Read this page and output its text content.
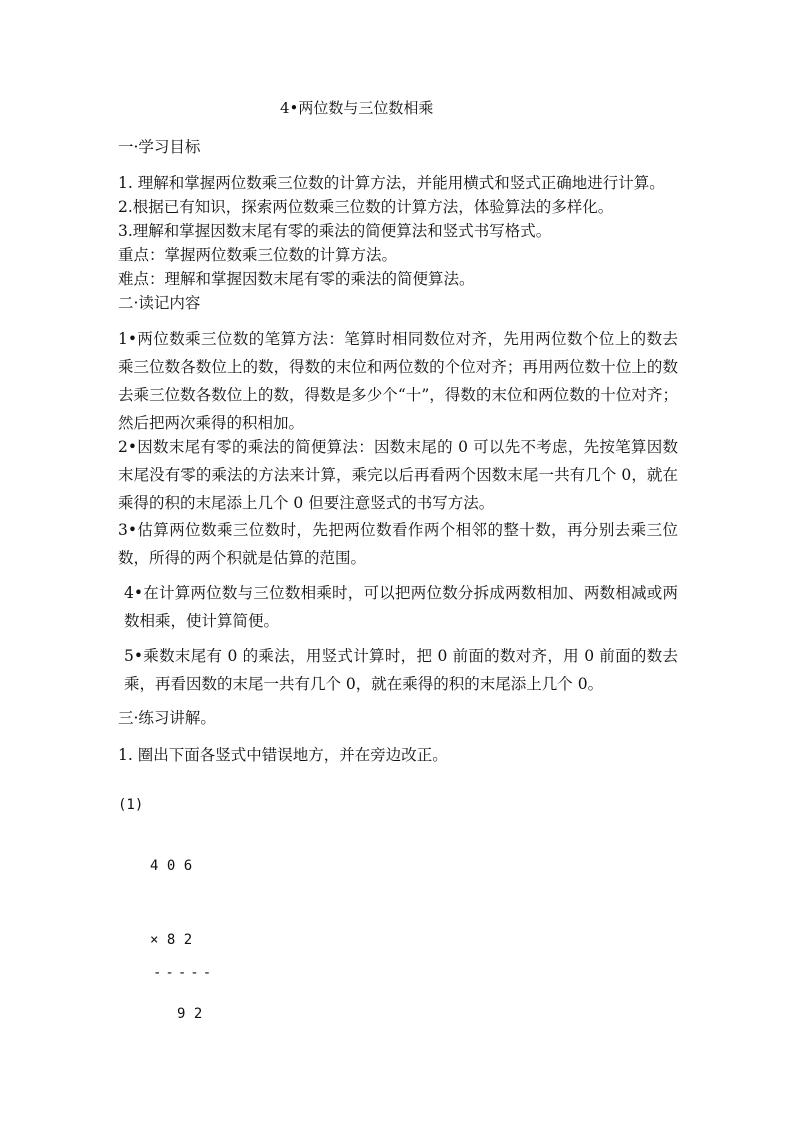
4•两位数与三位数相乘
一·学习目标
1. 理解和掌握两位数乘三位数的计算方法，并能用横式和竖式正确地进行计算。
2.根据已有知识，探索两位数乘三位数的计算方法，体验算法的多样化。
3.理解和掌握因数末尾有零的乘法的简便算法和竖式书写格式。
重点：掌握两位数乘三位数的计算方法。
难点：理解和掌握因数末尾有零的乘法的简便算法。
二·读记内容
1•两位数乘三位数的笔算方法：笔算时相同数位对齐，先用两位数个位上的数去乘三位数各数位上的数，得数的末位和两位数的个位对齐；再用两位数十位上的数去乘三位数各数位上的数，得数是多少个“十”，得数的末位和两位数的十位对齐；然后把两次乘得的积相加。
2•因数末尾有零的乘法的简便算法：因数末尾的 0 可以先不考虑，先按笔算因数末尾没有零的乘法的方法来计算，乘完以后再看两个因数末尾一共有几个 0，就在乘得的积的末尾添上几个 0 但要注意竖式的书写方法。
3•估算两位数乘三位数时，先把两位数看作两个相邻的整十数，再分别去乘三位数，所得的两个积就是估算的范围。
4•在计算两位数与三位数相乘时，可以把两位数分拆成两数相加、两数相减或两数相乘，使计算简便。
5•乘数末尾有 0 的乘法，用竖式计算时，把 0 前面的数对齐，用 0 前面的数去乘，再看因数的末尾一共有几个 0，就在乘得的积的末尾添上几个 0。
三·练习讲解。
1. 圈出下面各竖式中错误地方，并在旁边改正。
(1)
4 0 6
× 8 2
-----
9 2
